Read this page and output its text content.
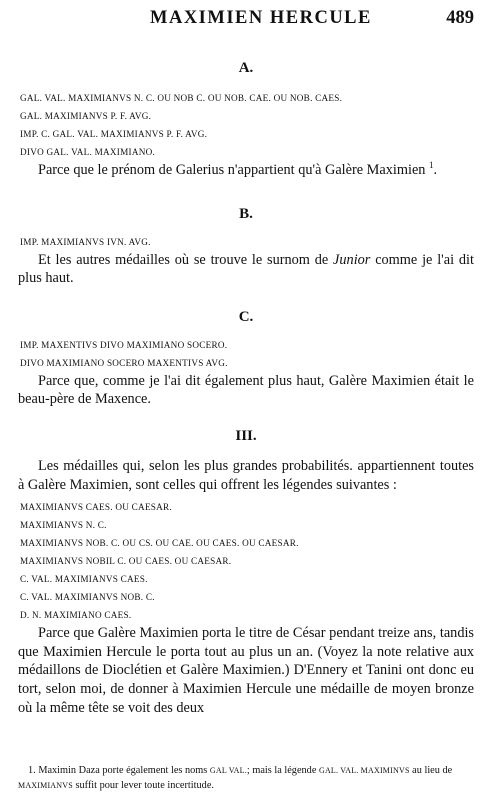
MAXIMIEN HERCULE	489

A.

GAL. VAL. MAXIMIANVS N. C. OU NOB C. OU NOB. CAE. OU NOB. CAES.
GAL. MAXIMIANVS P. F. AVG.
IMP. C. GAL. VAL. MAXIMIANVS P. F. AVG.
DIVO GAL. VAL. MAXIMIANO.

Parce que le prénom de Galerius n'appartient qu'à Galère Maximien $^1$.

B.

IMP. MAXIMIANVS IVN. AVG.

Et les autres médailles où se trouve le surnom de Junior comme je l'ai dit plus haut.

C.

IMP. MAXENTIVS DIVO MAXIMIANO SOCERO.
DIVO MAXIMIANO SOCERO MAXENTIVS AVG.

Parce que, comme je l'ai dit également plus haut, Galère Maximien était le beau-père de Maxence.

III.

Les médailles qui, selon les plus grandes probabilités. appartiennent toutes à Galère Maximien, sont celles qui offrent les légendes suivantes :

MAXIMIANVS CAES. OU CAESAR.
MAXIMIANVS N. C.
MAXIMIANVS NOB. C. OU CS. OU CAE. OU CAES. OU CAESAR.
MAXIMIANVS NOBIL C. OU CAES. OU CAESAR.
C. VAL. MAXIMIANVS CAES.
C. VAL. MAXIMIANVS NOB. C.
D. N. MAXIMIANO CAES.

Parce que Galère Maximien porta le titre de César pendant treize ans, tandis que Maximien Hercule le porta tout au plus un an. (Voyez la note relative aux médaillons de Dioclétien et Galère Maximien.) D'Ennery et Tanini ont donc eu tort, selon moi, de donner à Maximien Hercule une médaille de moyen bronze où la même tête se voit des deux

1. Maximin Daza porte également les noms GAL VAL.; mais la légende GAL. VAL. MAXIMINVS au lieu de MAXIMIANVS suffit pour lever toute incertitude.
